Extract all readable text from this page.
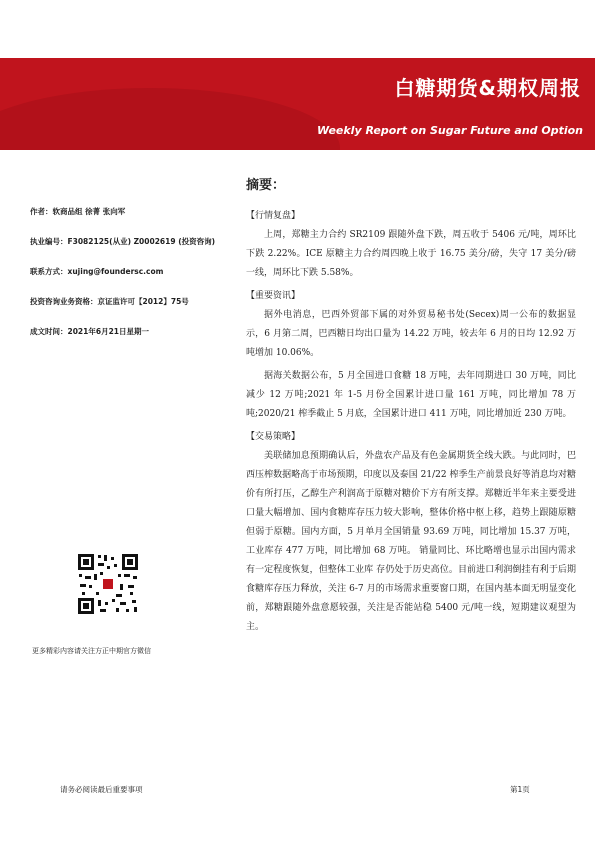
白糖期货&期权周报
Weekly Report on Sugar Future and Option
摘要：
作者：软商品组 徐菁 张向军
执业编号：F3082125(从业) Z0002619 (投资咨询)
联系方式：xujing@foundersc.com
投资咨询业务资格：京证监许可【2012】75号
成文时间：2021年6月21日星期一
更多精彩内容请关注方正中期官方微信

【行情复盘】

上周，郑糖主力合约 SR2109 跟随外盘下跌，周五收于 5406 元/吨，周环比下跌 2.22%。ICE 原糖主力合约周四晚上收于 16.75 美分/磅，失守 17 美分/磅一线，周环比下跌 5.58%。

【重要资讯】

据外电消息，巴西外贸部下属的对外贸易秘书处(Secex)周一公布的数据显示，6 月第二周，巴西糖日均出口量为 14.22 万吨，较去年 6 月的日均 12.92 万吨增加 10.06%。

据海关数据公布，5 月全国进口食糖 18 万吨，去年同期进口 30 万吨，同比减少 12 万吨;2021 年 1-5 月份全国累计进口量 161 万吨，同比增加 78 万吨;2020/21 榨季截止 5 月底，全国累计进口 411 万吨，同比增加近 230 万吨。

【交易策略】

美联储加息预期确认后，外盘农产品及有色金属期货全线大跌。与此同时，巴西压榨数据略高于市场预期，印度以及泰国 21/22 榨季生产前景良好等消息均对糖价有所打压，乙醇生产利润高于原糖对糖价下方有所支撑。郑糖近半年来主要受进口量大幅增加、国内食糖库存压力较大影响，整体价格中枢上移，趋势上跟随原糖但弱于原糖。国内方面，5 月单月全国销量 93.69 万吨，同比增加 15.37 万吨，工业库存 477 万吨，同比增加 68 万吨。 销量同比、环比略增也显示出国内需求有一定程度恢复，但整体工业库 存仍处于历史高位。目前进口利润倒挂有利于后期食糖库存压力释放，关注 6-7 月的市场需求重要窗口期，在国内基本面无明显变化前，郑糖跟随外盘意愿较强，关注是否能站稳 5400 元/吨一线，短期建议观望为主。

请务必阅读最后重要事项	第1页
